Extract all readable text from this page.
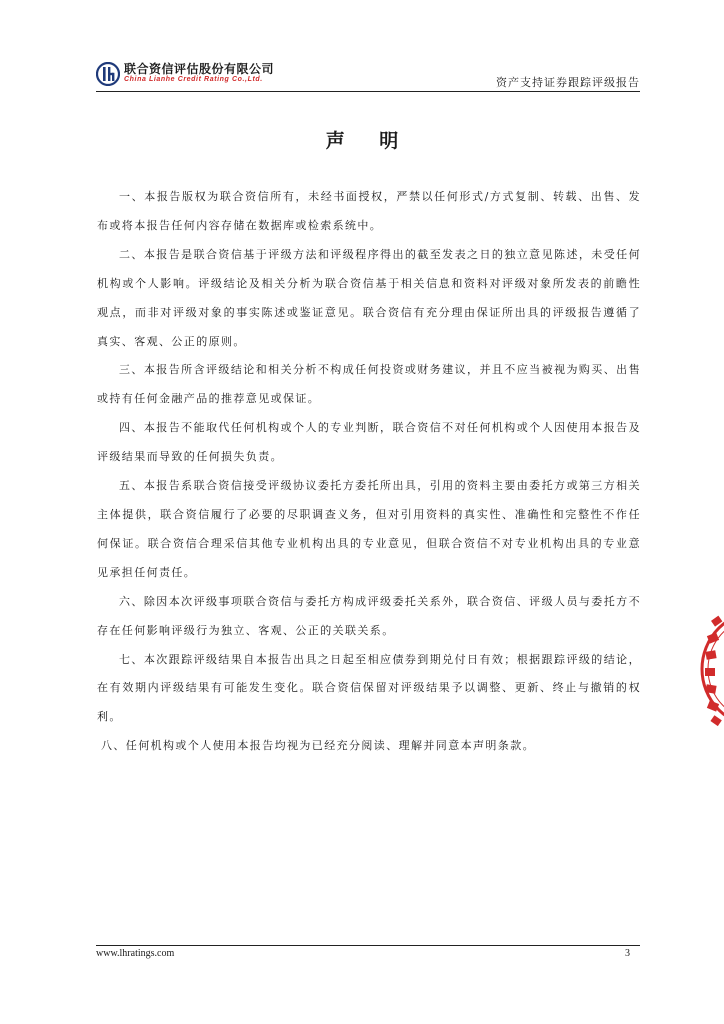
联合资信评估股份有限公司
China Lianhe Credit Rating Co.,Ltd.	资产支持证券跟踪评级报告
声 明

一、本报告版权为联合资信所有，未经书面授权，严禁以任何形式/方式复制、转载、出售、发布或将本报告任何内容存储在数据库或检索系统中。

二、本报告是联合资信基于评级方法和评级程序得出的截至发表之日的独立意见陈述，未受任何机构或个人影响。评级结论及相关分析为联合资信基于相关信息和资料对评级对象所发表的前瞻性观点，而非对评级对象的事实陈述或鉴证意见。联合资信有充分理由保证所出具的评级报告遵循了真实、客观、公正的原则。

三、本报告所含评级结论和相关分析不构成任何投资或财务建议，并且不应当被视为购买、出售或持有任何金融产品的推荐意见或保证。

四、本报告不能取代任何机构或个人的专业判断，联合资信不对任何机构或个人因使用本报告及评级结果而导致的任何损失负责。

五、本报告系联合资信接受评级协议委托方委托所出具，引用的资料主要由委托方或第三方相关主体提供，联合资信履行了必要的尽职调查义务，但对引用资料的真实性、准确性和完整性不作任何保证。联合资信合理采信其他专业机构出具的专业意见，但联合资信不对专业机构出具的专业意见承担任何责任。

六、除因本次评级事项联合资信与委托方构成评级委托关系外，联合资信、评级人员与委托方不存在任何影响评级行为独立、客观、公正的关联关系。

七、本次跟踪评级结果自本报告出具之日起至相应债券到期兑付日有效；根据跟踪评级的结论，在有效期内评级结果有可能发生变化。联合资信保留对评级结果予以调整、更新、终止与撤销的权利。

八、任何机构或个人使用本报告均视为已经充分阅读、理解并同意本声明条款。

www.lhratings.com	3
